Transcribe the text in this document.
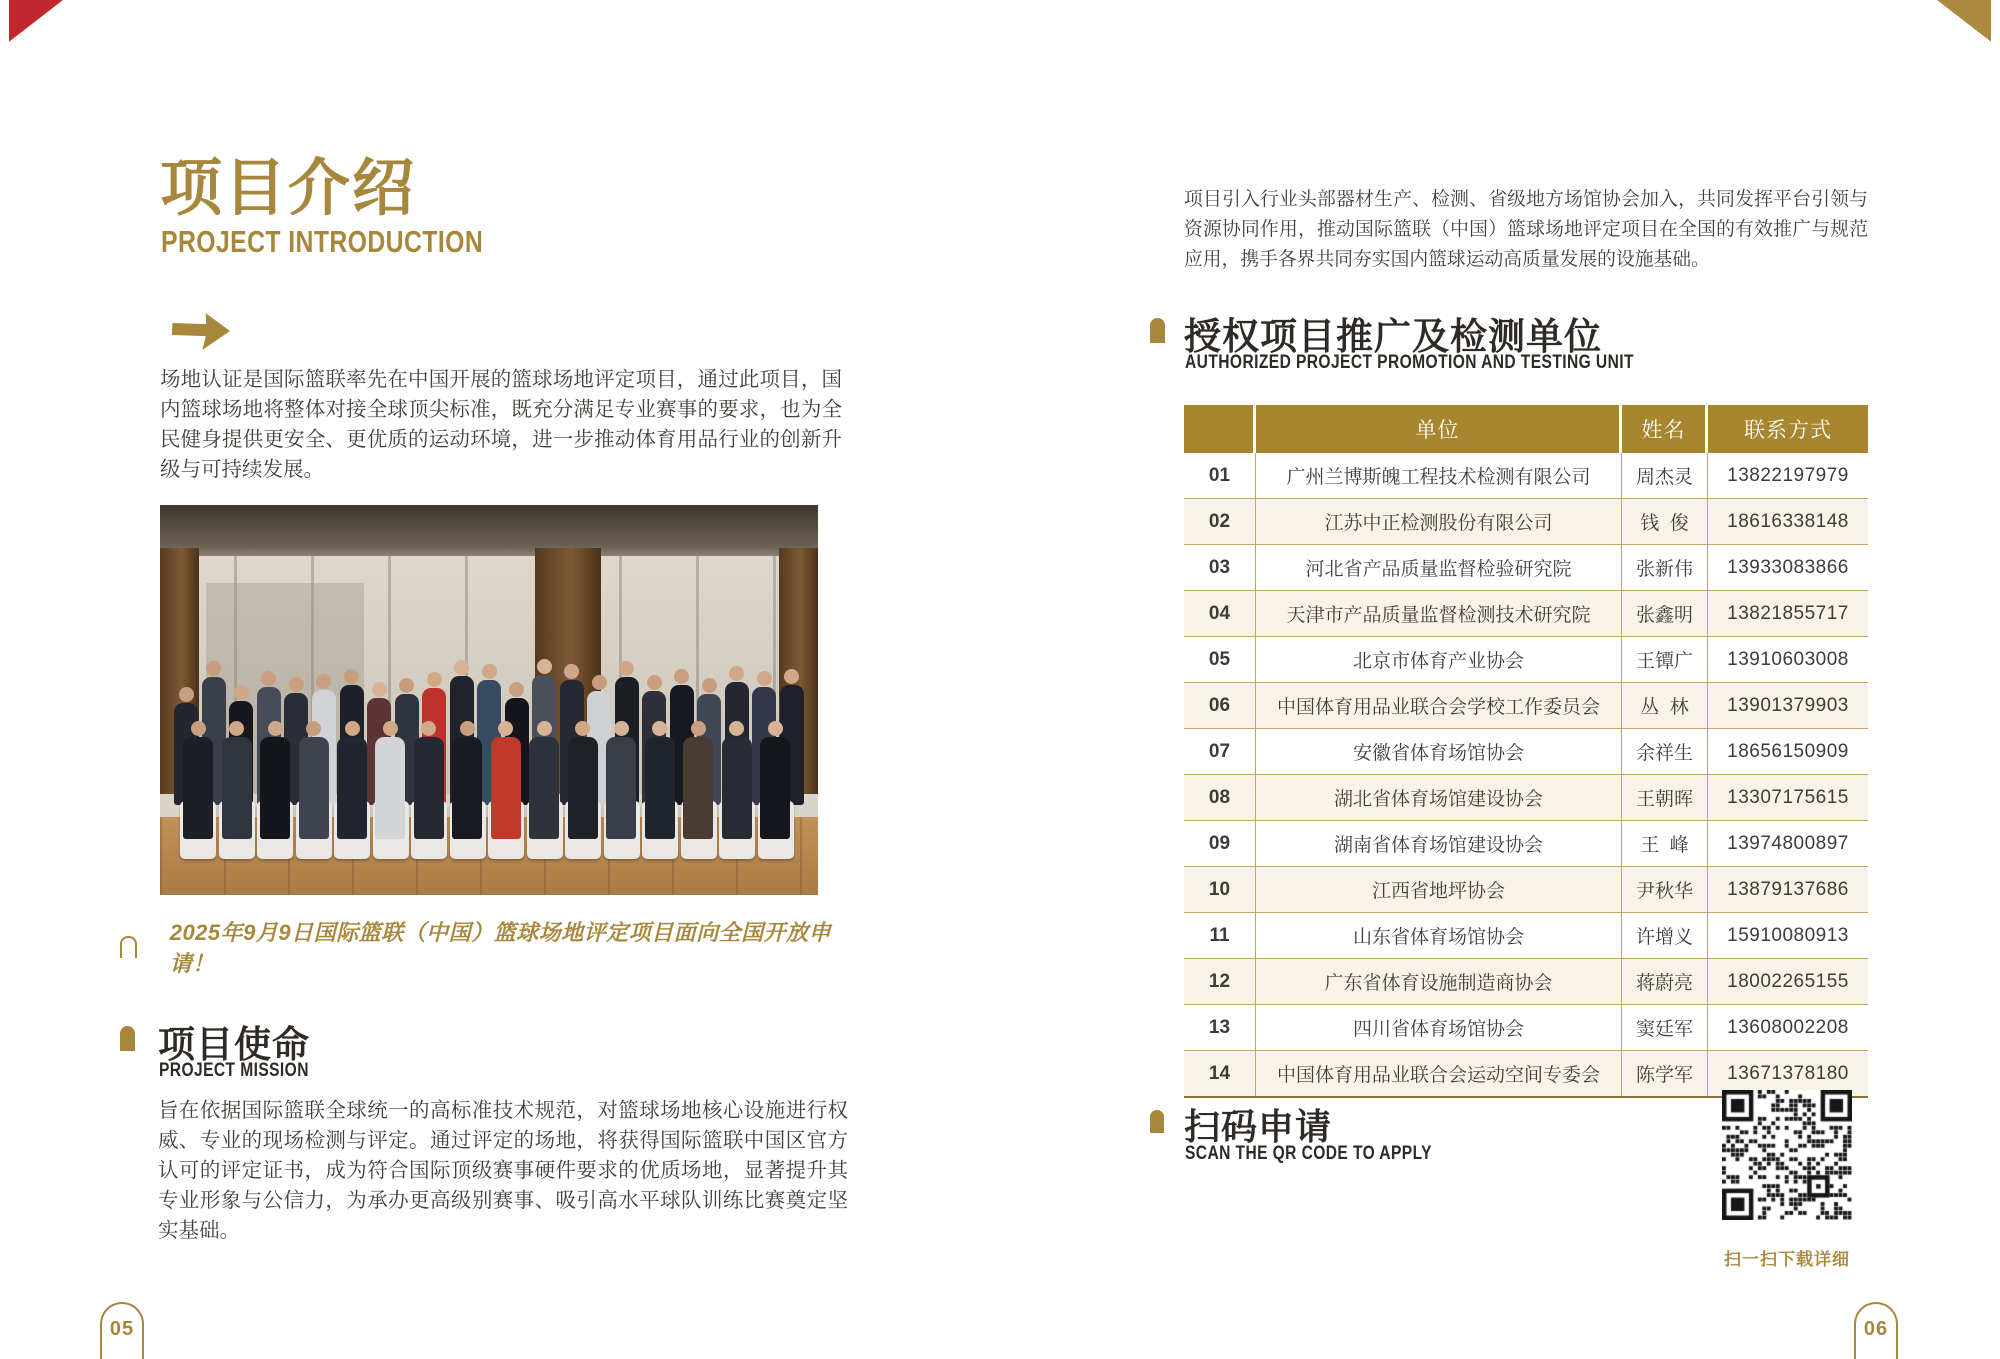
项目介绍
PROJECT INTRODUCTION
场地认证是国际篮联率先在中国开展的篮球场地评定项目，通过此项目，国内篮球场地将整体对接全球顶尖标准，既充分满足专业赛事的要求，也为全民健身提供更安全、更优质的运动环境，进一步推动体育用品行业的创新升级与可持续发展。
2025年9月9日国际篮联（中国）篮球场地评定项目面向全国开放申请！
项目使命
PROJECT MISSION
旨在依据国际篮联全球统一的高标准技术规范，对篮球场地核心设施进行权威、专业的现场检测与评定。通过评定的场地，将获得国际篮联中国区官方认可的评定证书，成为符合国际顶级赛事硬件要求的优质场地，显著提升其专业形象与公信力，为承办更高级别赛事、吸引高水平球队训练比赛奠定坚实基础。
05
项目引入行业头部器材生产、检测、省级地方场馆协会加入，共同发挥平台引领与资源协同作用，推动国际篮联（中国）篮球场地评定项目在全国的有效推广与规范应用，携手各界共同夯实国内篮球运动高质量发展的设施基础。
授权项目推广及检测单位
AUTHORIZED PROJECT PROMOTION AND TESTING UNIT
序号	单位	姓名	联系方式
01	广州兰博斯魄工程技术检测有限公司	周杰灵	13822197979
02	江苏中正检测股份有限公司	钱  俊	18616338148
03	河北省产品质量监督检验研究院	张新伟	13933083866
04	天津市产品质量监督检测技术研究院	张鑫明	13821855717
05	北京市体育产业协会	王镡广	13910603008
06	中国体育用品业联合会学校工作委员会	丛  林	13901379903
07	安徽省体育场馆协会	余祥生	18656150909
08	湖北省体育场馆建设协会	王朝晖	13307175615
09	湖南省体育场馆建设协会	王  峰	13974800897
10	江西省地坪协会	尹秋华	13879137686
11	山东省体育场馆协会	许增义	15910080913
12	广东省体育设施制造商协会	蒋蔚亮	18002265155
13	四川省体育场馆协会	窦廷军	13608002208
14	中国体育用品业联合会运动空间专委会	陈学军	13671378180
扫码申请
SCAN THE QR CODE TO APPLY
扫一扫下载详细
06
